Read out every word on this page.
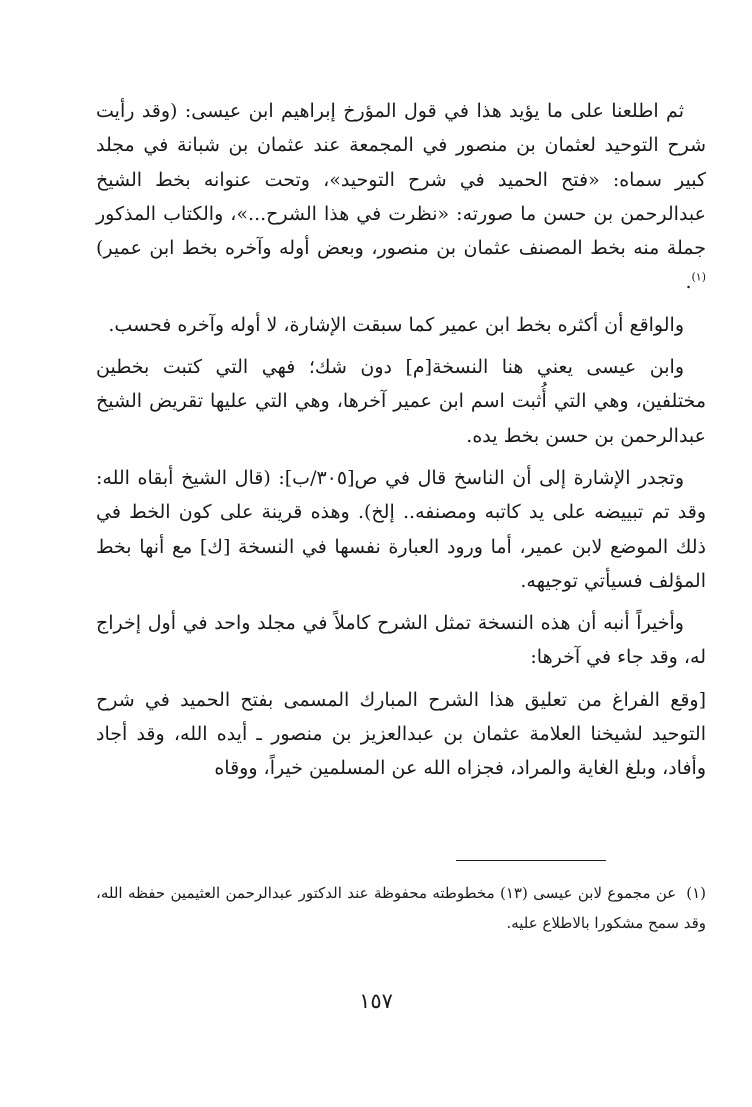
ثم اطلعنا على ما يؤيد هذا في قول المؤرخ إبراهيم ابن عيسى: (وقد رأيت شرح التوحيد لعثمان بن منصور في المجمعة عند عثمان بن شبانة في مجلد كبير سماه: «فتح الحميد في شرح التوحيد»، وتحت عنوانه بخط الشيخ عبدالرحمن بن حسن ما صورته: «نظرت في هذا الشرح...»، والكتاب المذكور جملة منه بخط المصنف عثمان بن منصور، وبعض أوله وآخره بخط ابن عمير)$^{(١)}$.

والواقع أن أكثره بخط ابن عمير كما سبقت الإشارة، لا أوله وآخره فحسب.

وابن عيسى يعني هنا النسخة[م] دون شك؛ فهي التي كتبت بخطين مختلفين، وهي التي أُثبت اسم ابن عمير آخرها، وهي التي عليها تقريض الشيخ عبدالرحمن بن حسن بخط يده.

وتجدر الإشارة إلى أن الناسخ قال في ص[٣٠٥/ب]: (قال الشيخ أبقاه الله: وقد تم تبييضه على يد كاتبه ومصنفه.. إلخ). وهذه قرينة على كون الخط في ذلك الموضع لابن عمير، أما ورود العبارة نفسها في النسخة [ك] مع أنها بخط المؤلف فسيأتي توجيهه.

وأخيراً أنبه أن هذه النسخة تمثل الشرح كاملاً في مجلد واحد في أول إخراج له، وقد جاء في آخرها:

[وقع الفراغ من تعليق هذا الشرح المبارك المسمى بفتح الحميد في شرح التوحيد لشيخنا العلامة عثمان بن عبدالعزيز بن منصور ـ أيده الله، وقد أجاد وأفاد، وبلغ الغاية والمراد، فجزاه الله عن المسلمين خيراً، ووقاه

(١)عن مجموع لابن عيسى (١٣) مخطوطته محفوظة عند الدكتور عبدالرحمن العثيمين حفظه الله، وقد سمح مشكورا بالاطلاع عليه.
١٥٧
